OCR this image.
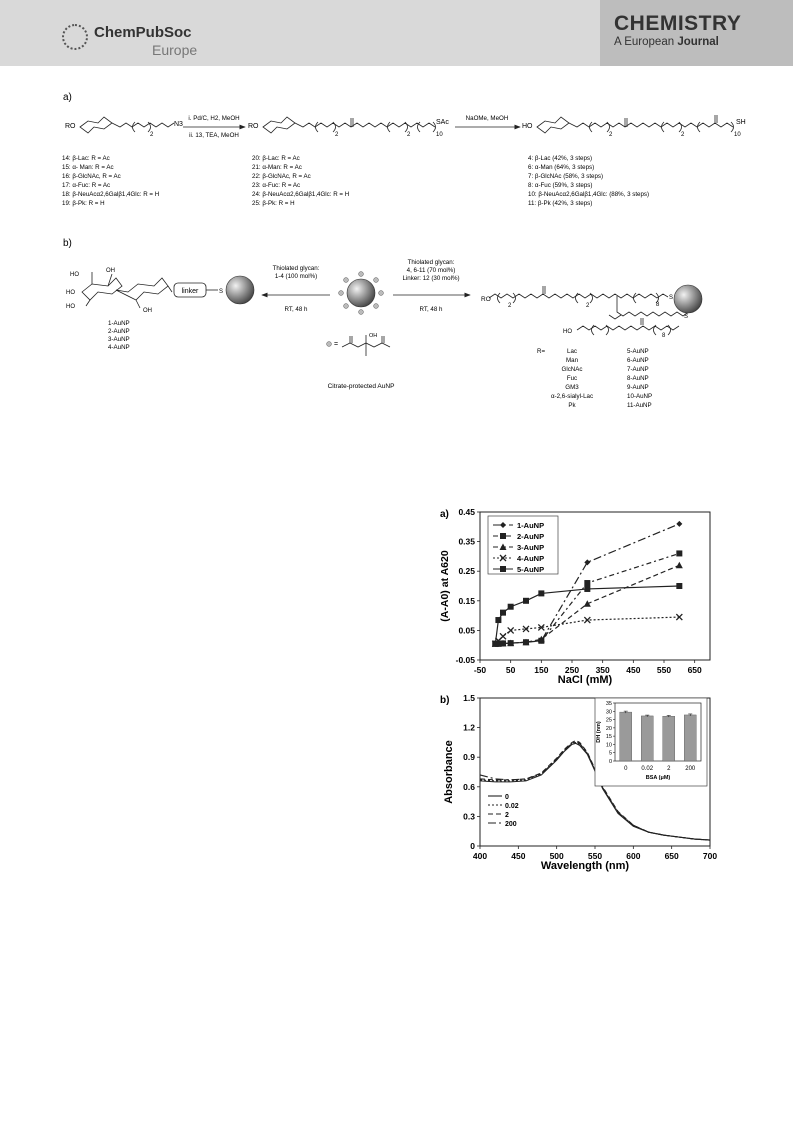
ChemPubSoc
Europe
CHEMISTRY
A European Journal
a)
RO
2
N3
i. Pd/C, H2, MeOH
ii. 13, TEA, MeOH
RO
2	2	10
SAc
NaOMe, MeOH
HO
2	2	10
SH
14: β-Lac: R = Ac
15: α- Man: R = Ac
16: β-GlcNAc, R = Ac
17: α-Fuc: R = Ac
18: β-NeuAcα2,6Galβ1,4Glc: R = H
19: β-Pk: R = H
20: β-Lac: R = Ac
21: α-Man: R = Ac
22: β-GlcNAc, R = Ac
23: α-Fuc: R = Ac
24: β-NeuAcα2,6Galβ1,4Glc: R = H
25: β-Pk: R = H
4: β-Lac (42%, 3 steps)
6: α-Man (64%, 3 steps)
7: β-GlcNAc (58%, 3 steps)
8: α-Fuc (59%, 3 steps)
10: β-NeuAcα2,6Galβ1,4Glc: (88%, 3 steps)
11: β-Pk (42%, 3 steps)
b)
HO
HO
HO
OH
OH
linker	S
1-AuNP
2-AuNP
3-AuNP
4-AuNP
Thiolated glycan:
1-4 (100 mol%)
RT, 48 h
=
OH
Citrate-protected AuNP
Thiolated glycan:
4, 6-11 (70 mol%)
Linker: 12 (30 mol%)
RT, 48 h
RO
2	2	8
8
S
S
HO
R=	Lac	5-AuNP
Man	6-AuNP
GlcNAc	7-AuNP
Fuc	8-AuNP
GM3	9-AuNP
α-2,6-sialyl-Lac	10-AuNP
Pk	11-AuNP
a)
-50 50 150 250 350 450 550 650
-0.05
0.05
0.15
0.25
0.35
0.45
1-AuNP
2-AuNP
3-AuNP
4-AuNP
5-AuNP
NaCl (mM)
(A-A0) at A620
b)
400	450	500	550	600	650	700
0
0.3
0.6
0.9
1.2
1.5
0
0.02
2
200
0
5
10
15
20
25
30
35
0 0.02 2 200
BSA (μM)
DH (nm)
Wavelength (nm)
Absorbance
